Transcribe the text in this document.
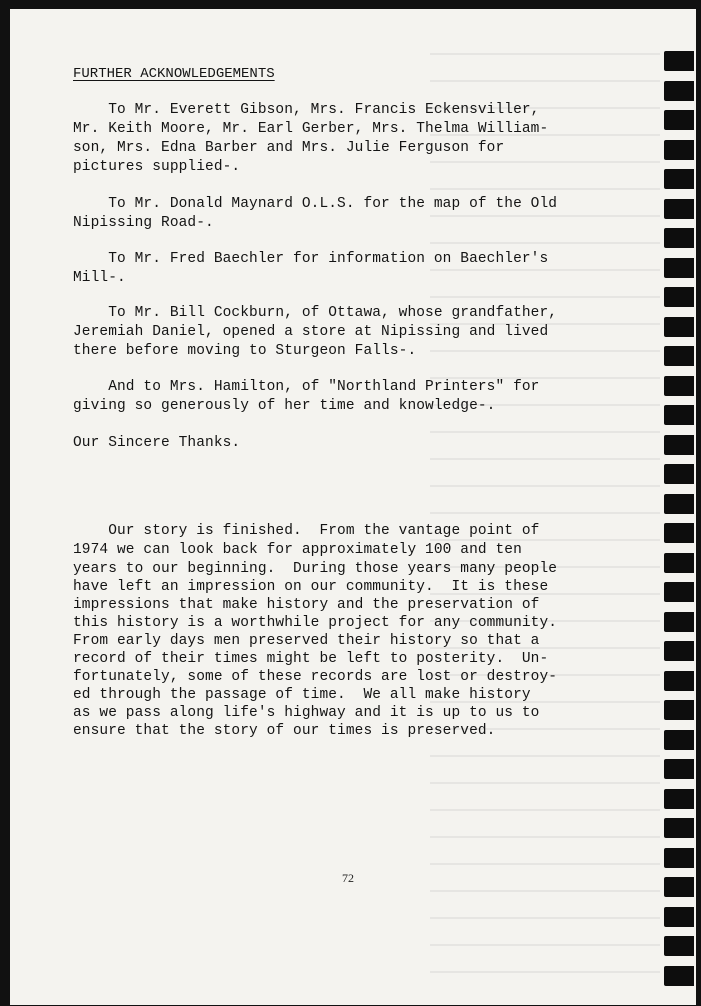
FURTHER ACKNOWLEDGEMENTS
To Mr. Everett Gibson, Mrs. Francis Eckensviller,
Mr. Keith Moore, Mr. Earl Gerber, Mrs. Thelma William-
son, Mrs. Edna Barber and Mrs. Julie Ferguson for
pictures supplied-.
To Mr. Donald Maynard O.L.S. for the map of the Old
Nipissing Road-.
To Mr. Fred Baechler for information on Baechler's
Mill-.
To Mr. Bill Cockburn, of Ottawa, whose grandfather,
Jeremiah Daniel, opened a store at Nipissing and lived
there before moving to Sturgeon Falls-.
And to Mrs. Hamilton, of "Northland Printers" for
giving so generously of her time and knowledge-.
Our Sincere Thanks.
Our story is finished.  From the vantage point of
1974 we can look back for approximately 100 and ten
years to our beginning.  During those years many people
have left an impression on our community.  It is these
impressions that make history and the preservation of
this history is a worthwhile project for any community.
From early days men preserved their history so that a
record of their times might be left to posterity.  Un-
fortunately, some of these records are lost or destroy-
ed through the passage of time.  We all make history
as we pass along life's highway and it is up to us to
ensure that the story of our times is preserved.
72
